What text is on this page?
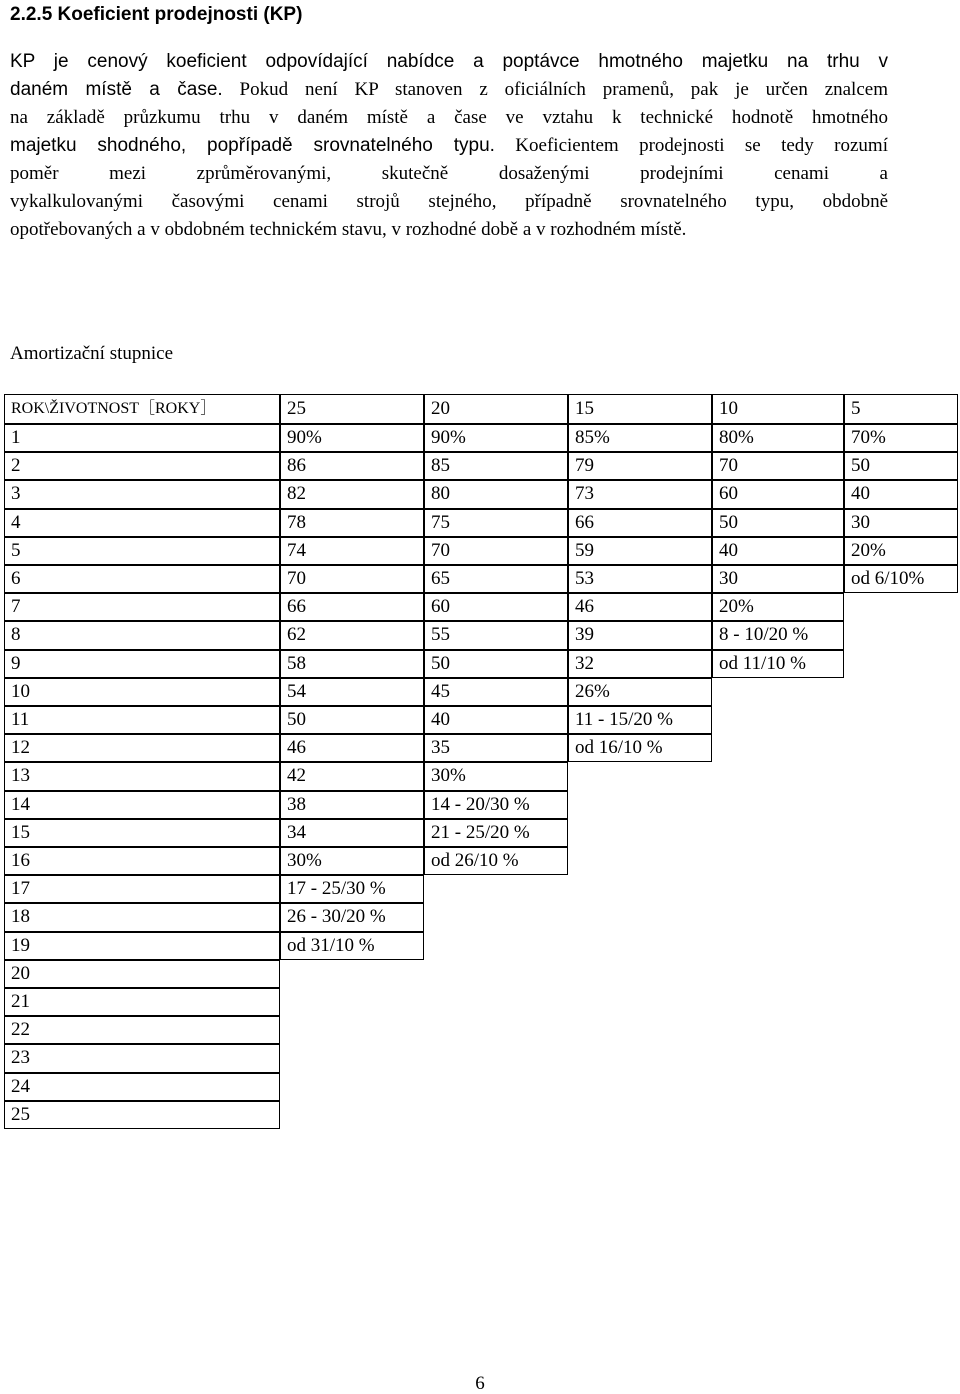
2.2.5 Koeficient prodejnosti (KP)
KP je cenový koeficient odpovídající nabídce a poptávce hmotného majetku na trhu v
daném místě a čase. Pokud není KP stanoven z oficiálních pramenů, pak je určen znalcem
na základě průzkumu trhu v daném místě a čase ve vztahu k technické hodnotě hmotného
majetku shodného, popřípadě srovnatelného typu. Koeficientem prodejnosti se tedy rozumí
poměr mezi zprůměrovanými, skutečně dosaženými prodejními cenami a
vykalkulovanými časovými cenami strojů stejného, případně srovnatelného typu, obdobně
opotřebovaných a v obdobném technickém stavu, v rozhodné době a v rozhodném místě.
Amortizační stupnice
ROK\ŽIVOTNOST［ROKY］	25	20	15	10	5
1	90%	90%	85%	80%	70%
2	86	85	79	70	50
3	82	80	73	60	40
4	78	75	66	50	30
5	74	70	59	40	20%
6	70	65	53	30	od 6/10%
7	66	60	46	20%
8	62	55	39	8 - 10/20 %
9	58	50	32	od 11/10 %
10	54	45	26%
11	50	40	11 - 15/20 %
12	46	35	od 16/10 %
13	42	30%
14	38	14 - 20/30 %
15	34	21 - 25/20 %
16	30%	od 26/10 %
17	17 - 25/30 %
18	26 - 30/20 %
19	od 31/10 %
20
21
22
23
24
25
6
